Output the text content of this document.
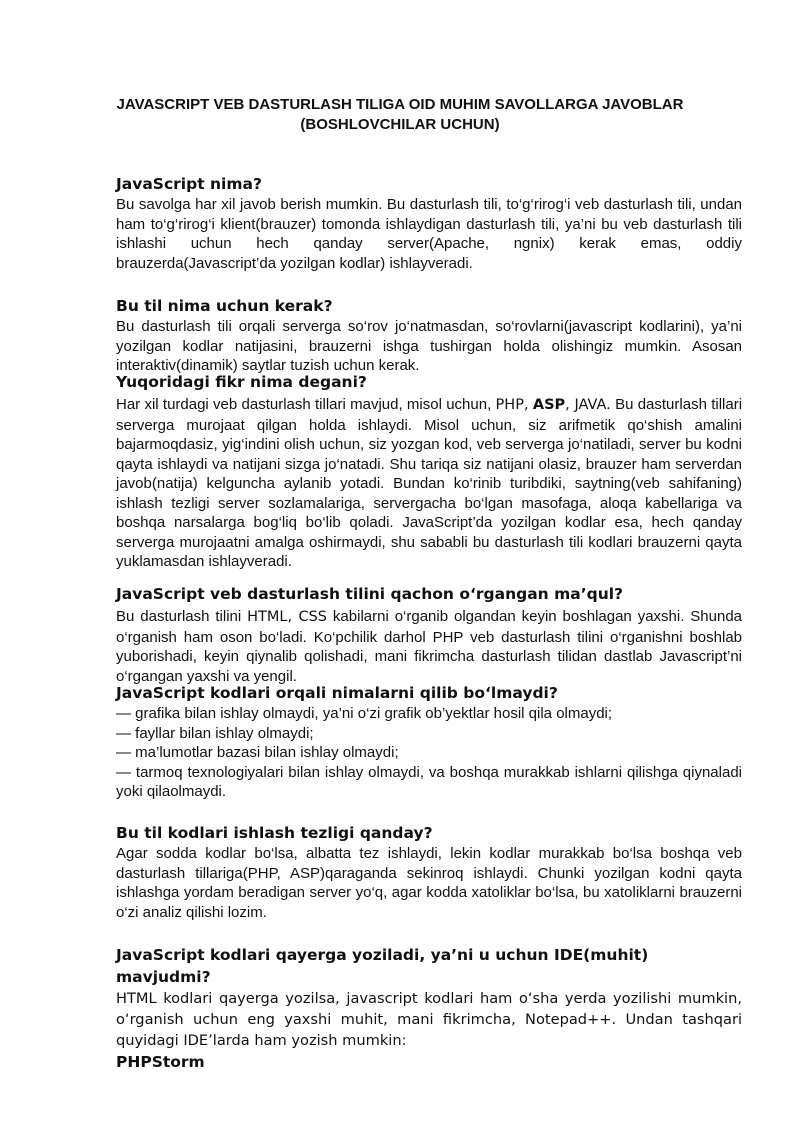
JAVASCRIPT VEB DASTURLASH TILIGA OID MUHIM SAVOLLARGA JAVOBLAR (BOSHLOVCHILAR UCHUN)

JavaScript nima?

Bu savolga har xil javob berish mumkin. Bu dasturlash tili, to‘g‘rirog‘i veb dasturlash tili, undan ham to‘g‘rirog‘i klient(brauzer) tomonda ishlaydigan dasturlash tili, ya’ni bu veb dasturlash tili ishlashi uchun hech qanday server(Apache, ngnix) kerak emas, oddiy brauzerda(Javascript’da yozilgan kodlar) ishlayveradi.

Bu til nima uchun kerak?

Bu dasturlash tili orqali serverga so‘rov jo‘natmasdan, so‘rovlarni(javascript kodlarini), ya’ni yozilgan kodlar natijasini, brauzerni ishga tushirgan holda olishingiz mumkin. Asosan interaktiv(dinamik) saytlar tuzish uchun kerak.

Yuqoridagi fikr nima degani?

Har xil turdagi veb dasturlash tillari mavjud, misol uchun, PHP, ASP, JAVA. Bu dasturlash tillari serverga murojaat qilgan holda ishlaydi. Misol uchun, siz arifmetik qo‘shish amalini bajarmoqdasiz, yig‘indini olish uchun, siz yozgan kod, veb serverga jo‘natiladi, server bu kodni qayta ishlaydi va natijani sizga jo‘natadi. Shu tariqa siz natijani olasiz, brauzer ham serverdan javob(natija) kelguncha aylanib yotadi. Bundan ko‘rinib turibdiki, saytning(veb sahifaning) ishlash tezligi server sozlamalariga, servergacha bo‘lgan masofaga, aloqa kabellariga va boshqa narsalarga bog‘liq bo‘lib qoladi. JavaScript’da yozilgan kodlar esa, hech qanday serverga murojaatni amalga oshirmaydi, shu sababli bu dasturlash tili kodlari brauzerni qayta yuklamasdan ishlayveradi.

JavaScript veb dasturlash tilini qachon o‘rgangan ma’qul?

Bu dasturlash tilini HTML, CSS kabilarni o‘rganib olgandan keyin boshlagan yaxshi. Shunda o‘rganish ham oson bo‘ladi. Ko‘pchilik darhol PHP veb dasturlash tilini o‘rganishni boshlab yuborishadi, keyin qiynalib qolishadi, mani fikrimcha dasturlash tilidan dastlab Javascript’ni o‘rgangan yaxshi va yengil.

JavaScript kodlari orqali nimalarni qilib bo‘lmaydi?

— grafika bilan ishlay olmaydi, ya’ni o‘zi grafik ob’yektlar hosil qila olmaydi;
— fayllar bilan ishlay olmaydi;
— ma’lumotlar bazasi bilan ishlay olmaydi;

— tarmoq texnologiyalari bilan ishlay olmaydi, va boshqa murakkab ishlarni qilishga qiynaladi yoki qilaolmaydi.

Bu til kodlari ishlash tezligi qanday?

Agar sodda kodlar bo‘lsa, albatta tez ishlaydi, lekin kodlar murakkab bo‘lsa boshqa veb dasturlash tillariga(PHP, ASP)qaraganda sekinroq ishlaydi. Chunki yozilgan kodni qayta ishlashga yordam beradigan server yo‘q, agar kodda xatoliklar bo‘lsa, bu xatoliklarni brauzerni o‘zi analiz qilishi lozim.

JavaScript kodlari qayerga yoziladi, ya’ni u uchun IDE(muhit) mavjudmi?

HTML kodlari qayerga yozilsa, javascript kodlari ham o‘sha yerda yozilishi mumkin, o‘rganish uchun eng yaxshi muhit, mani fikrimcha, Notepad++. Undan tashqari quyidagi IDE’larda ham yozish mumkin:

PHPStorm
